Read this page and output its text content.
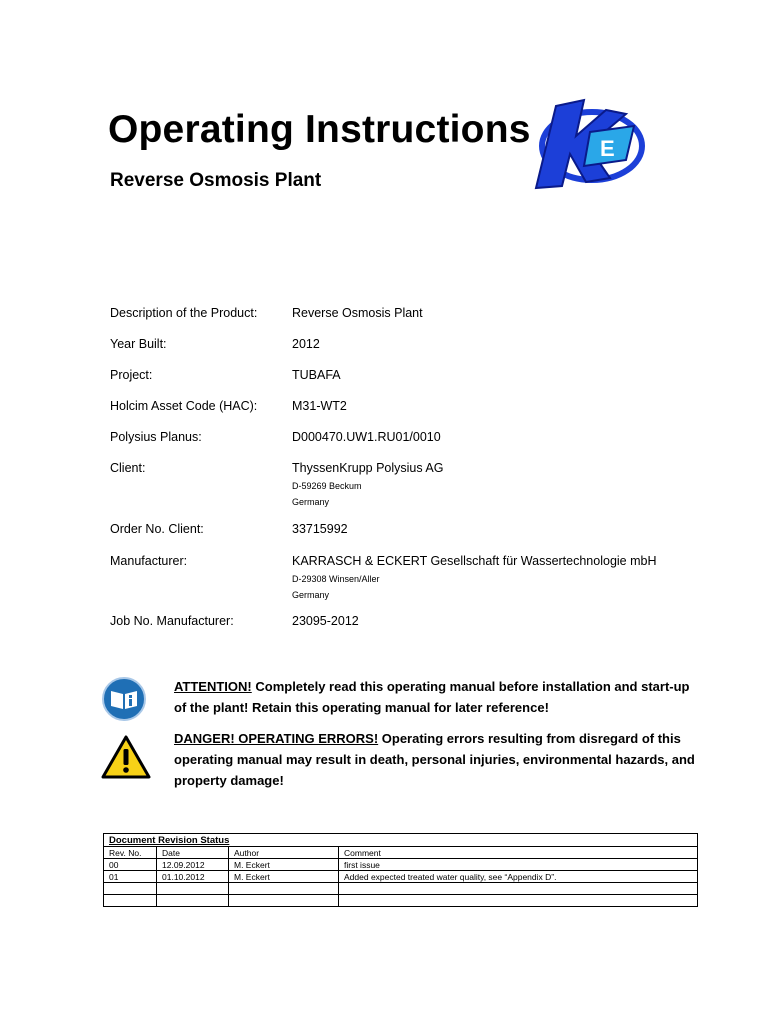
Operating Instructions
Reverse Osmosis Plant
E
Description of the Product:	Reverse Osmosis Plant
Year Built:	2012
Project:	TUBAFA
Holcim Asset Code (HAC):	M31-WT2
Polysius Planus:	D000470.UW1.RU01/0010
Client:	ThyssenKrupp Polysius AG
D-59269 Beckum
Germany
Order No. Client:	33715992
Manufacturer:	KARRASCH & ECKERT Gesellschaft für Wassertechnologie mbH
D-29308 Winsen/Aller
Germany
Job No. Manufacturer:	23095-2012
ATTENTION! Completely read this operating manual before installation and start-up of the plant! Retain this operating manual for later reference!
DANGER! OPERATING ERRORS! Operating errors resulting from disregard of this operating manual may result in death, personal injuries, environmental hazards, and property damage!
Document Revision Status			
Rev. No.	Date	Author	Comment
00	12.09.2012	M. Eckert	first issue
01	01.10.2012	M. Eckert	Added expected treated water quality, see “Appendix D”.
